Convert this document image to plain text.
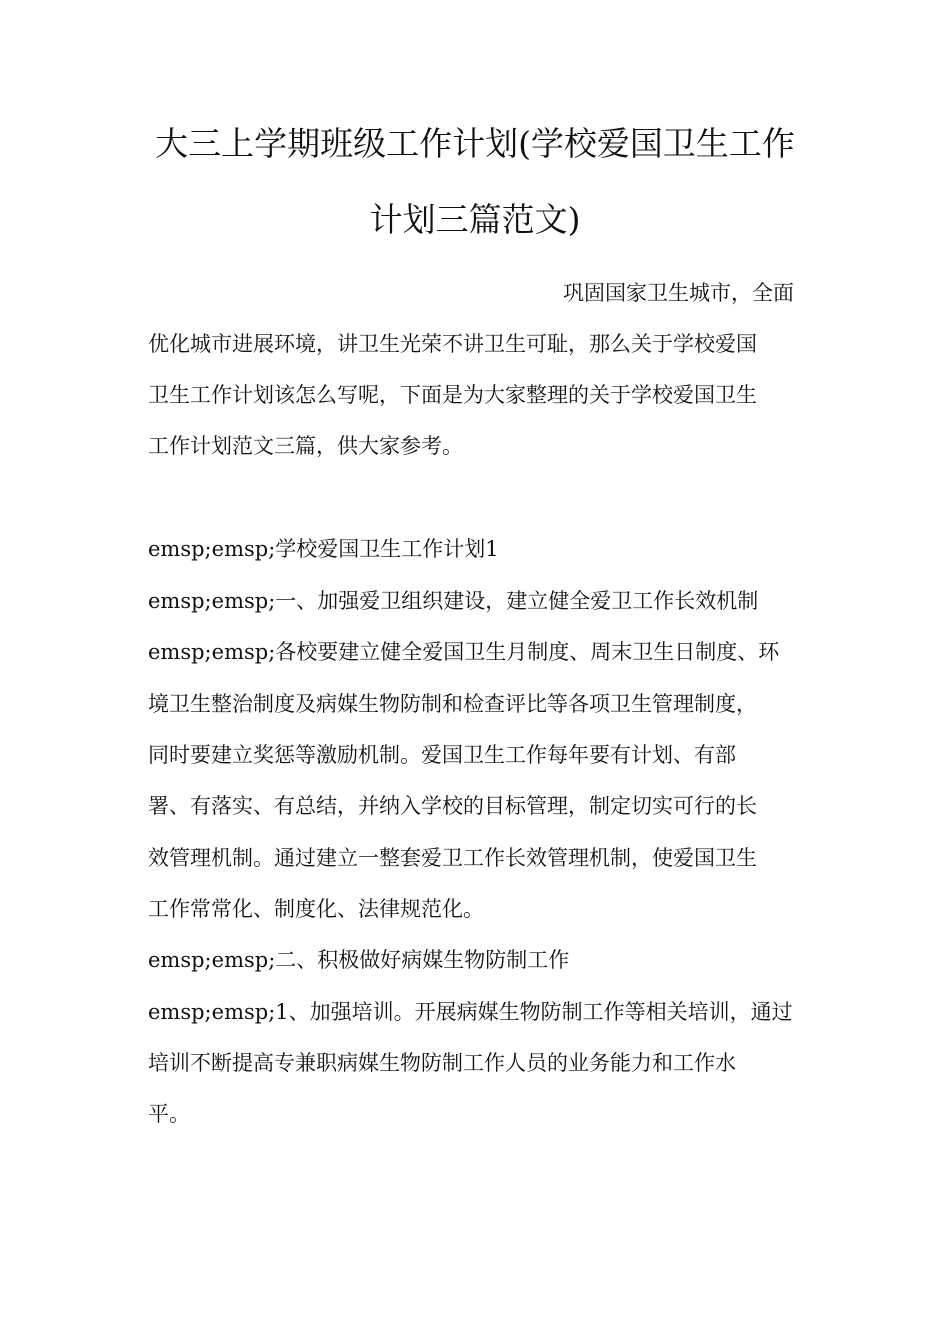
大三上学期班级工作计划(学校爱国卫生工作
计划三篇范文)

巩固国家卫生城市，全面

优化城市进展环境，讲卫生光荣不讲卫生可耻，那么关于学校爱国

卫生工作计划该怎么写呢，下面是为大家整理的关于学校爱国卫生

工作计划范文三篇，供大家参考。

emsp;emsp;学校爱国卫生工作计划1

emsp;emsp;一、加强爱卫组织建设，建立健全爱卫工作长效机制

emsp;emsp;各校要建立健全爱国卫生月制度、周末卫生日制度、环

境卫生整治制度及病媒生物防制和检查评比等各项卫生管理制度，

同时要建立奖惩等激励机制。爱国卫生工作每年要有计划、有部

署、有落实、有总结，并纳入学校的目标管理，制定切实可行的长

效管理机制。通过建立一整套爱卫工作长效管理机制，使爱国卫生

工作常常化、制度化、法律规范化。

emsp;emsp;二、积极做好病媒生物防制工作

emsp;emsp;1、加强培训。开展病媒生物防制工作等相关培训，通过

培训不断提高专兼职病媒生物防制工作人员的业务能力和工作水

平。
